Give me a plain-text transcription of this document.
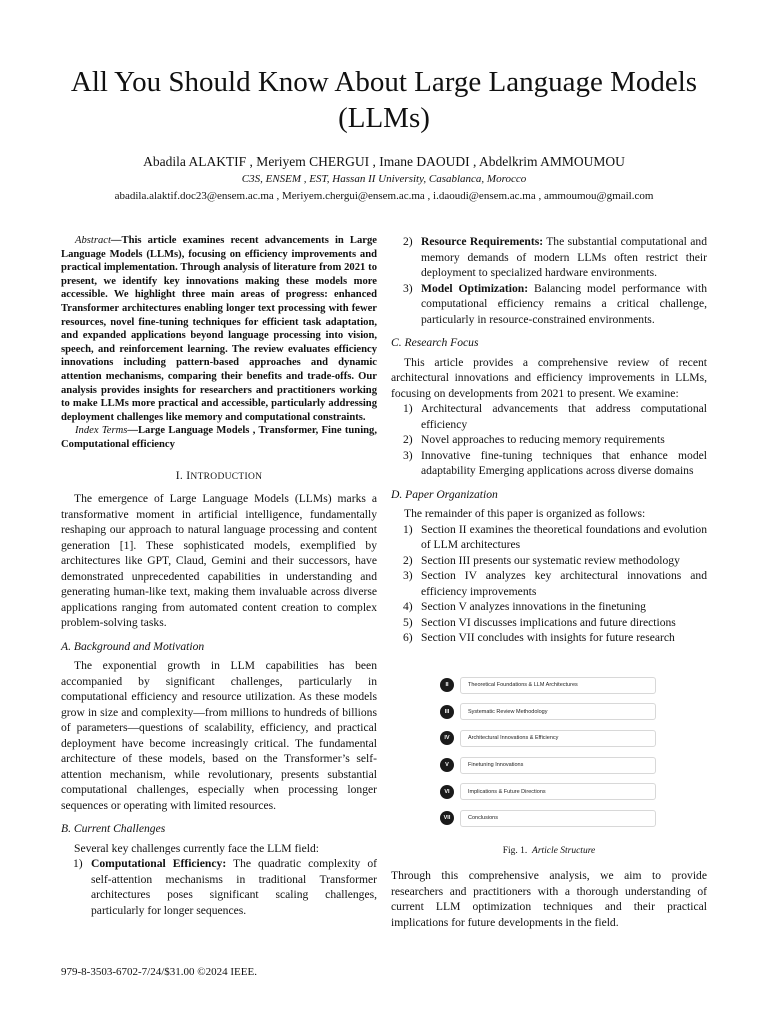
All You Should Know About Large Language Models (LLMs)
Abadila ALAKTIF , Meriyem CHERGUI , Imane DAOUDI , Abdelkrim AMMOUMOU
C3S, ENSEM , EST, Hassan II University, Casablanca, Morocco
abadila.alaktif.doc23@ensem.ac.ma , Meriyem.chergui@ensem.ac.ma , i.daoudi@ensem.ac.ma , ammoumou@gmail.com

Abstract—This article examines recent advancements in Large Language Models (LLMs), focusing on efficiency improvements and practical implementation. Through analysis of literature from 2021 to present, we identify key innovations making these models more accessible. We highlight three main areas of progress: enhanced Transformer architectures enabling longer text processing with fewer resources, novel fine-tuning techniques for efficient task adaptation, and expanded applications beyond language processing into vision, speech, and reinforcement learning. The review evaluates efficiency innovations including pattern-based approaches and dynamic attention mechanisms, comparing their benefits and trade-offs. Our analysis provides insights for researchers and practitioners working to make LLMs more practical and accessible, particularly addressing deployment challenges like memory and computational constraints.

Index Terms—Large Language Models , Transformer, Fine tuning, Computational efficiency

I. INTRODUCTION

The emergence of Large Language Models (LLMs) marks a transformative moment in artificial intelligence, fundamentally reshaping our approach to natural language processing and content generation [1]. These sophisticated models, exemplified by architectures like GPT, Claud, Gemini and their successors, have demonstrated unprecedented capabilities in understanding and generating human-like text, making them invaluable across diverse applications ranging from automated content creation to complex problem-solving tasks.

A. Background and Motivation

The exponential growth in LLM capabilities has been accompanied by significant challenges, particularly in computational efficiency and resource utilization. As these models grow in size and complexity—from millions to hundreds of billions of parameters—questions of scalability, efficiency, and practical deployment have become increasingly critical. The fundamental architecture of these models, based on the Transformer’s self-attention mechanism, while revolutionary, presents substantial computational challenges, especially when processing longer sequences or operating with limited resources.

B. Current Challenges

Several key challenges currently face the LLM field:

1) Computational Efficiency: The quadratic complexity of self-attention mechanisms in traditional Transformer architectures poses significant scaling challenges, particularly for longer sequences.
2) Resource Requirements: The substantial computational and memory demands of modern LLMs often restrict their deployment to specialized hardware environments.
3) Model Optimization: Balancing model performance with computational efficiency remains a critical challenge, particularly in resource-constrained environments.
C. Research Focus

This article provides a comprehensive review of recent architectural innovations and efficiency improvements in LLMs, focusing on developments from 2021 to present. We examine:

1) Architectural advancements that address computational efficiency
2) Novel approaches to reducing memory requirements
3) Innovative fine-tuning techniques that enhance model adaptability Emerging applications across diverse domains
D. Paper Organization

The remainder of this paper is organized as follows:

1) Section II examines the theoretical foundations and evolution of LLM architectures
2) Section III presents our systematic review methodology
3) Section IV analyzes key architectural innovations and efficiency improvements
4) Section V analyzes innovations in the finetuning
5) Section VI discusses implications and future directions
6) Section VII concludes with insights for future research
II	Theoretical Foundations & LLM Architectures
III	Systematic Review Methodology
IV	Architectural Innovations & Efficiency
V	Finetuning Innovations
VI	Implications & Future Directions
VII	Conclusions
Fig. 1. Article Structure

Through this comprehensive analysis, we aim to provide researchers and practitioners with a thorough understanding of current LLM optimization techniques and their practical implications for future developments in the field.

979-8-3503-6702-7/24/$31.00 ©2024 IEEE.
